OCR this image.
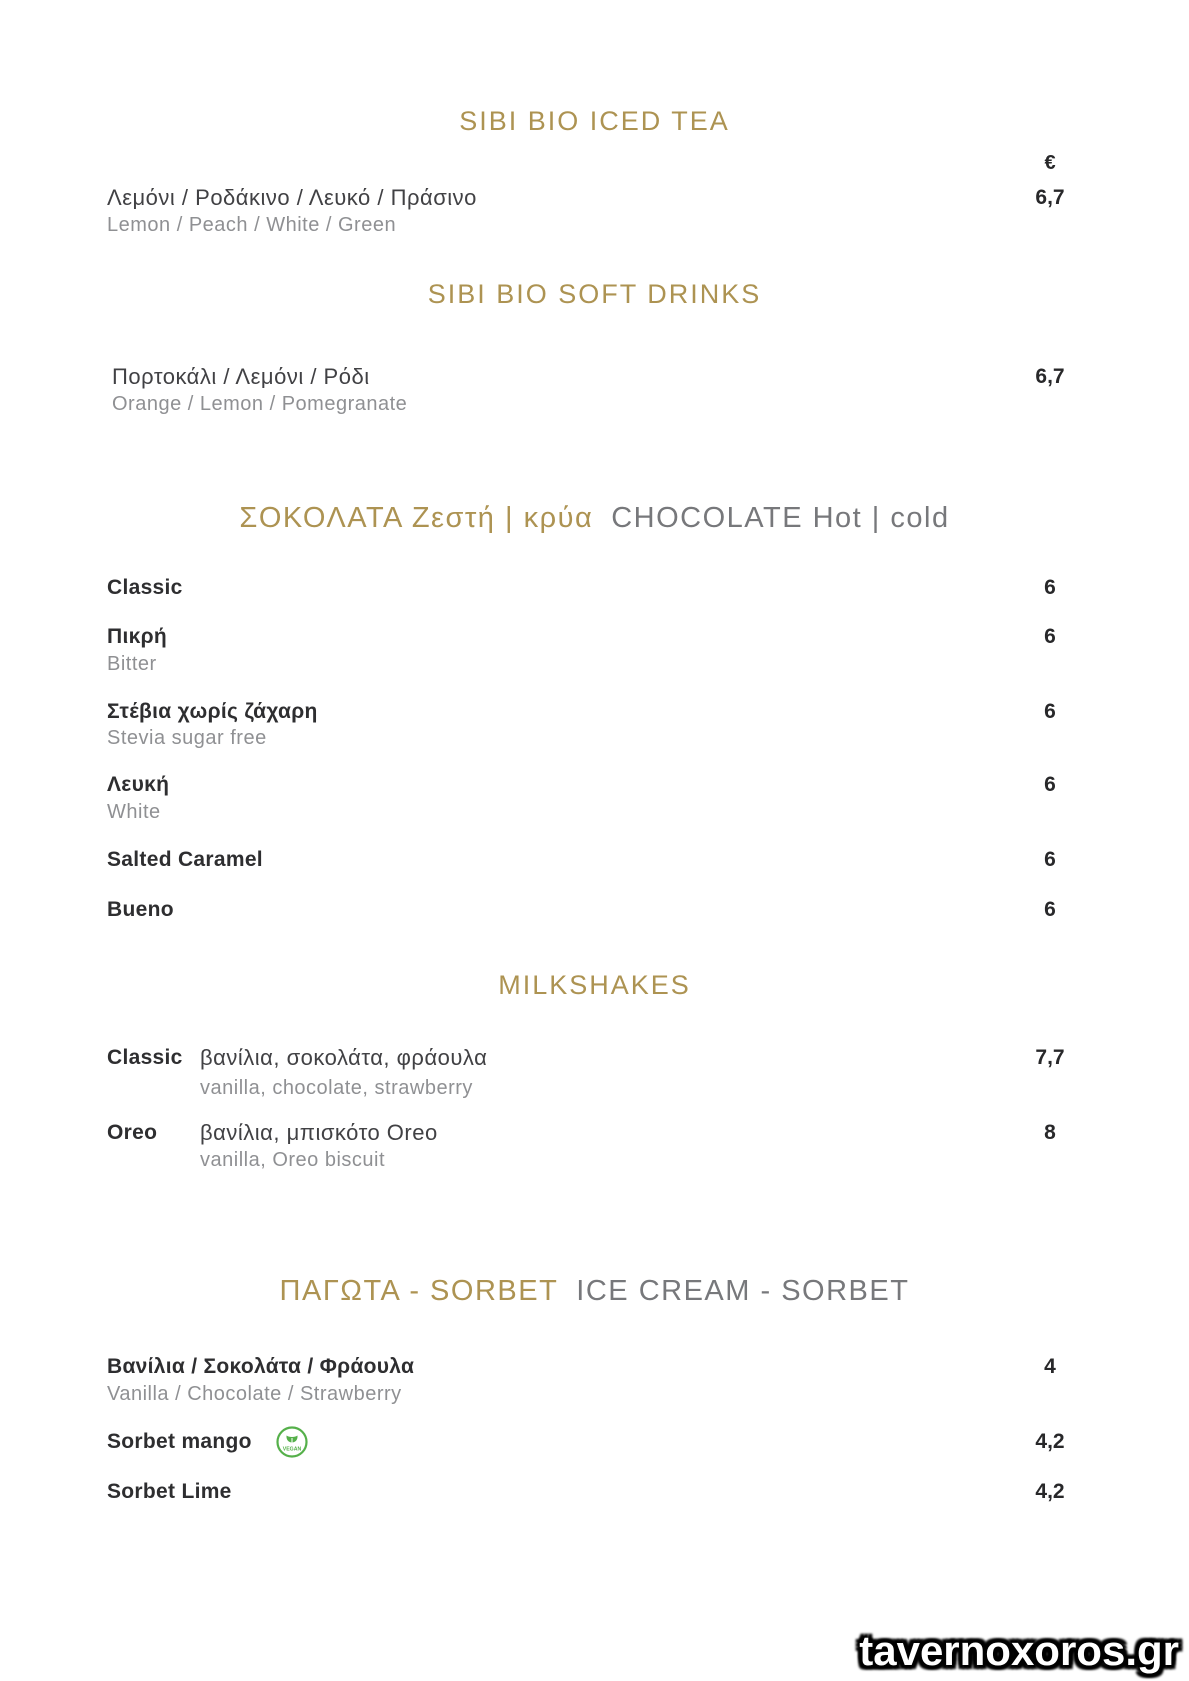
SIBI BIO ICED TEA
€
Λεμόνι / Ροδάκινο / Λευκό / Πράσινο	6,7
Lemon / Peach / White / Green
SIBI BIO SOFT DRINKS
Πορτοκάλι / Λεμόνι / Ρόδι	6,7
Orange / Lemon / Pomegranate
ΣΟΚΟΛΑΤΑ Ζεστή | κρύα CHOCOLATE Hot | cold
Classic	6
Πικρή	6
Bitter
Στέβια χωρίς ζάχαρη	6
Stevia sugar free
Λευκή	6
White
Salted Caramel	6
Bueno	6
MILKSHAKES
Classic βανίλια, σοκολάτα, φράουλα	7,7
vanilla, chocolate, strawberry
Oreo βανίλια, μπισκότο Oreo	8
vanilla, Oreo biscuit
ΠΑΓΩΤΑ - SORBET ICE CREAM - SORBET
Βανίλια / Σοκολάτα / Φράουλα	4
Vanilla / Chocolate / Strawberry
Sorbet mango	VEGAN	4,2
Sorbet Lime	4,2
tavernoxoros.gr
